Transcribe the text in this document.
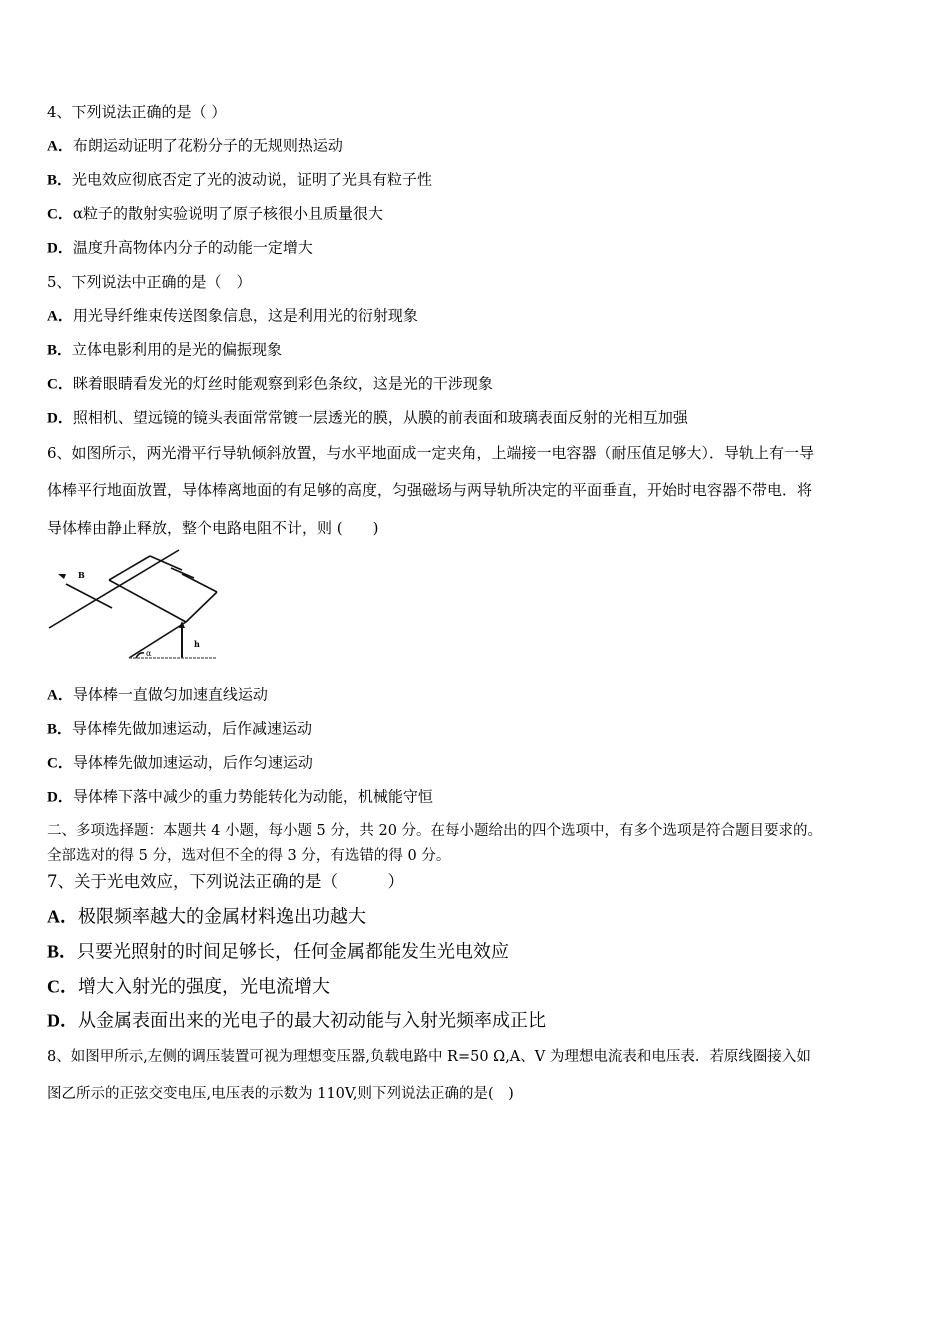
4、下列说法正确的是（ ）
A．布朗运动证明了花粉分子的无规则热运动
B．光电效应彻底否定了光的波动说，证明了光具有粒子性
C．α粒子的散射实验说明了原子核很小且质量很大
D．温度升高物体内分子的动能一定增大
5、下列说法中正确的是（　）
A．用光导纤维束传送图象信息，这是利用光的衍射现象
B．立体电影利用的是光的偏振现象
C．眯着眼睛看发光的灯丝时能观察到彩色条纹，这是光的干涉现象
D．照相机、望远镜的镜头表面常常镀一层透光的膜，从膜的前表面和玻璃表面反射的光相互加强
6、如图所示，两光滑平行导轨倾斜放置，与水平地面成一定夹角，上端接一电容器（耐压值足够大）．导轨上有一导
体棒平行地面放置，导体棒离地面的有足够的高度，匀强磁场与两导轨所决定的平面垂直，开始时电容器不带电．将
导体棒由静止释放，整个电路电阻不计，则 (　　)
B
h
α
A．导体棒一直做匀加速直线运动
B．导体棒先做加速运动，后作减速运动
C．导体棒先做加速运动，后作匀速运动
D．导体棒下落中减少的重力势能转化为动能，机械能守恒
二、多项选择题：本题共 4 小题，每小题 5 分，共 20 分。在每小题给出的四个选项中，有多个选项是符合题目要求的。
全部选对的得 5 分，选对但不全的得 3 分，有选错的得 0 分。
7、关于光电效应，下列说法正确的是（　　　）
A．极限频率越大的金属材料逸出功越大
B．只要光照射的时间足够长，任何金属都能发生光电效应
C．增大入射光的强度，光电流增大
D．从金属表面出来的光电子的最大初动能与入射光频率成正比
8、如图甲所示,左侧的调压装置可视为理想变压器,负载电路中 R=50 Ω,A、V 为理想电流表和电压表．若原线圈接入如
图乙所示的正弦交变电压,电压表的示数为 110V,则下列说法正确的是(　)
